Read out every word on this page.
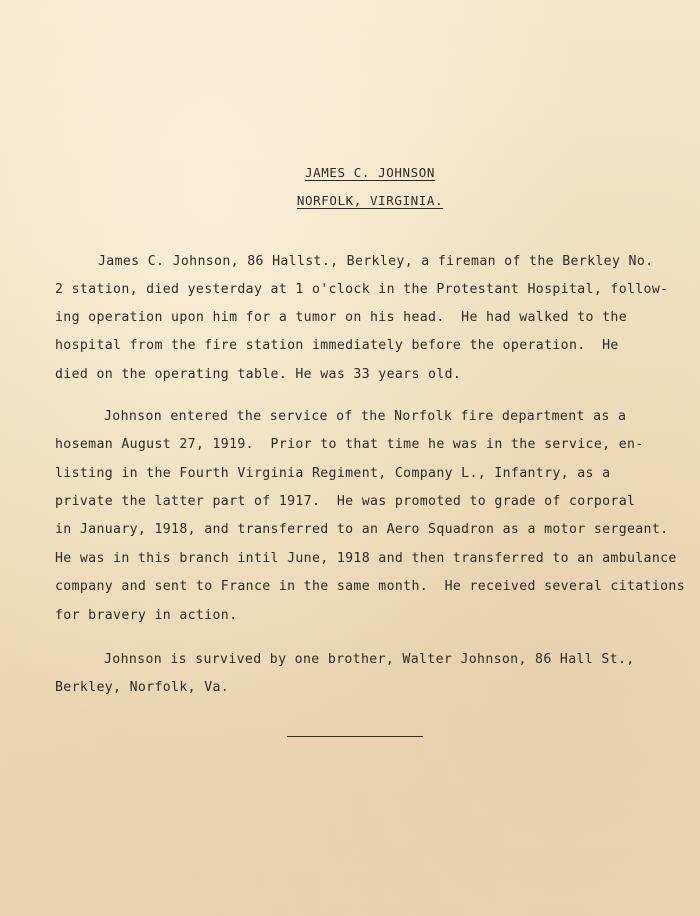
JAMES C. JOHNSON
NORFOLK, VIRGINIA.
James C. Johnson, 86 Hallst., Berkley, a fireman of the Berkley No.
2 station, died yesterday at 1 o'clock in the Protestant Hospital, follow-
ing operation upon him for a tumor on his head.  He had walked to the
hospital from the fire station immediately before the operation.  He
died on the operating table. He was 33 years old.
Johnson entered the service of the Norfolk fire department as a
hoseman August 27, 1919.  Prior to that time he was in the service, en-
listing in the Fourth Virginia Regiment, Company L., Infantry, as a
private the latter part of 1917.  He was promoted to grade of corporal
in January, 1918, and transferred to an Aero Squadron as a motor sergeant.
He was in this branch intil June, 1918 and then transferred to an ambulance
company and sent to France in the same month.  He received several citations
for bravery in action.
Johnson is survived by one brother, Walter Johnson, 86 Hall St.,
Berkley, Norfolk, Va.
